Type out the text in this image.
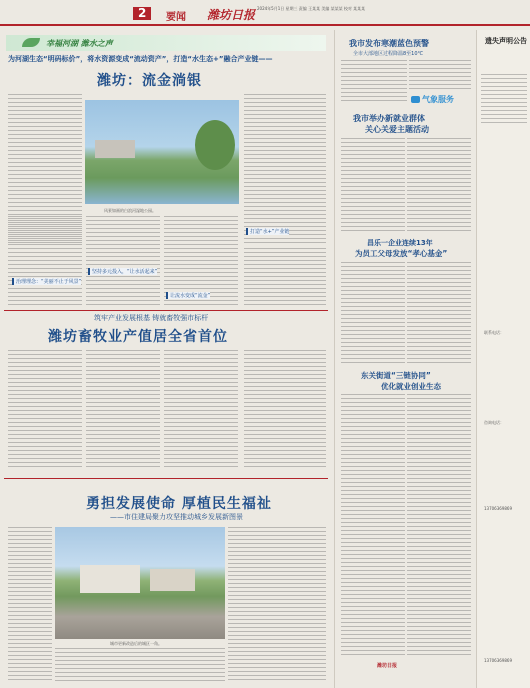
2	要闻 潍坊日报 2024年5月1日 星期三 责编 王某某 美编 某某某 校对 某某某
幸福河湖 潍水之声
为河湖生态“明码标价”，将水资源变成“流动资产”，打造“水生态+”融合产业链——
潍坊：流金淌银
风景如画的白浪河湿地公园。
治理理念：“美丽不止于风景”
坚持多元投入，“让水活起来”
让流水变成“流金”
打造“水+”产业链
筑牢产业发展根基 铸就畜牧强市标杆
潍坊畜牧业产值居全省首位
勇担发展使命 厚植民生福祉
——市住建局聚力攻坚推动城乡发展新图景
城市更新改造后的城区一角。
我市发布寒潮蓝色预警
全市大部地区过程降温8至10℃
气象服务
我市举办新就业群体
关心关爱主题活动
昌乐一企业连续13年
为员工父母发放“孝心基金”
东关街道“三链协同”
优化就业创业生态
潍坊日报
遗失声明公告
联系电话：
咨询电话：
13706369869
13706369869
